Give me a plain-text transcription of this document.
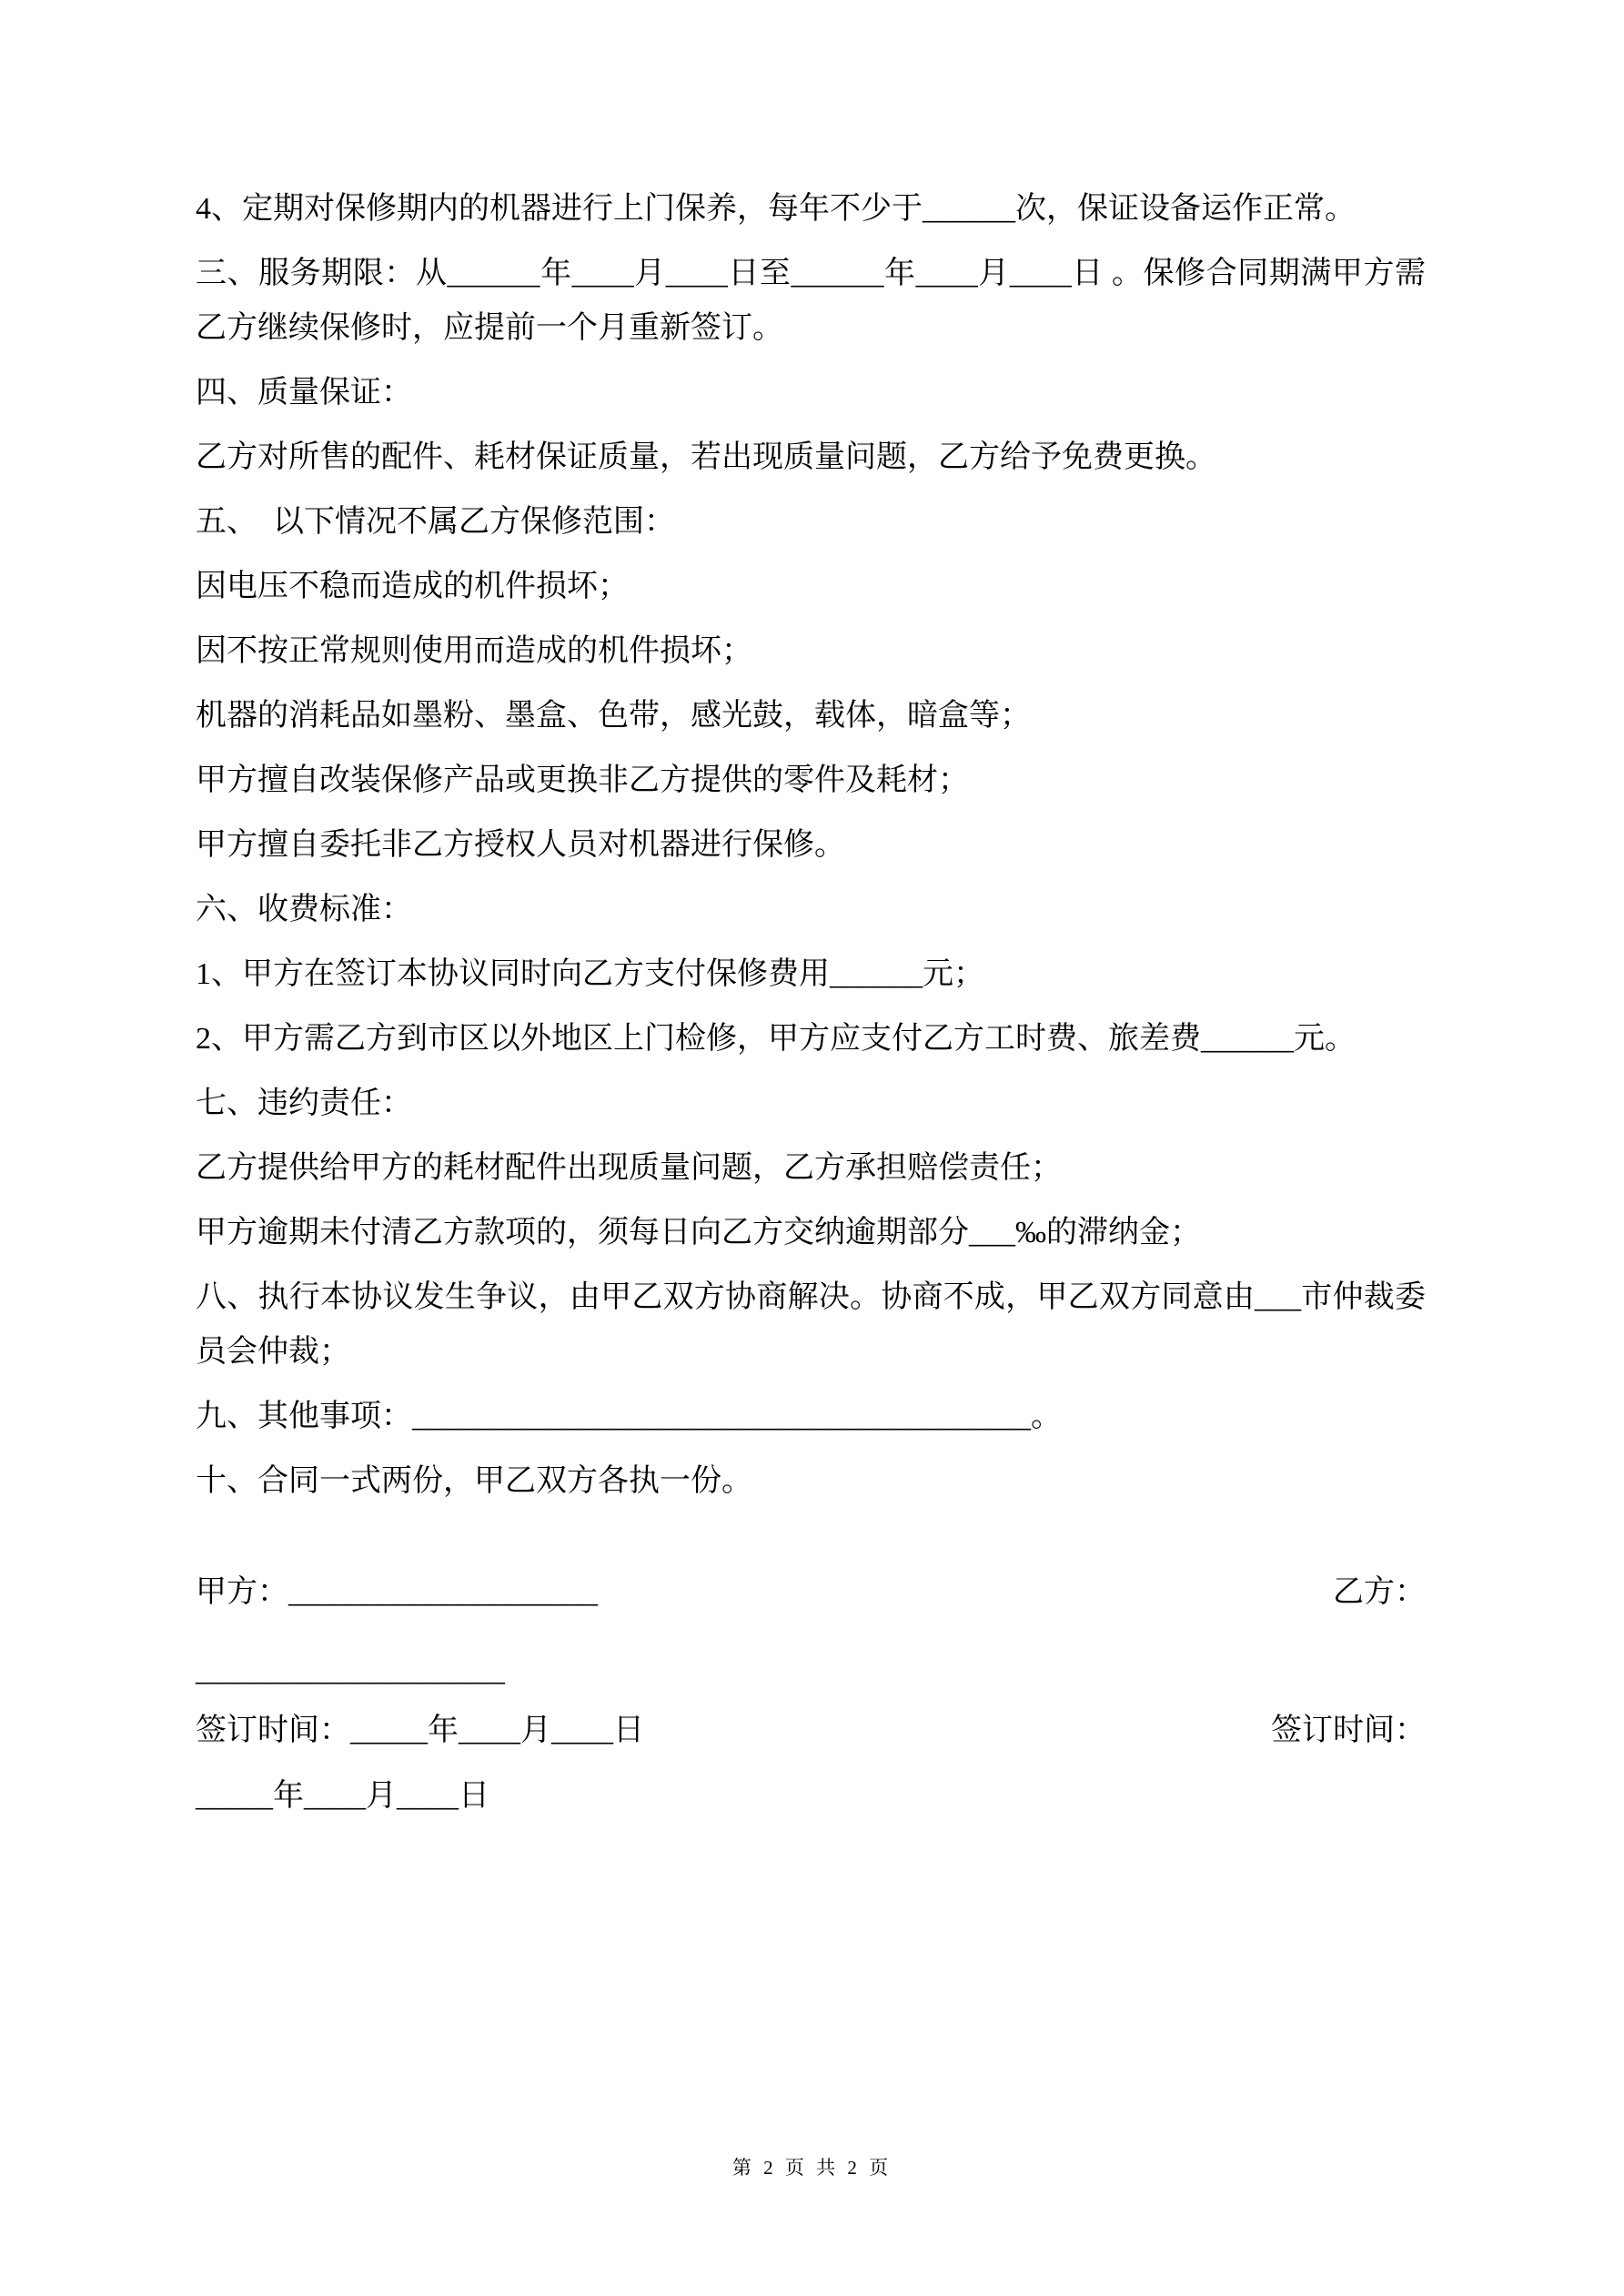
4、定期对保修期内的机器进行上门保养，每年不少于______次，保证设备运作正常。

三、服务期限：从______年____月____日至______年____月____日 。保修合同期满甲方需乙方继续保修时，应提前一个月重新签订。

四、质量保证：

乙方对所售的配件、耗材保证质量，若出现质量问题，乙方给予免费更换。

五、  以下情况不属乙方保修范围：

因电压不稳而造成的机件损坏；

因不按正常规则使用而造成的机件损坏；

机器的消耗品如墨粉、墨盒、色带，感光鼓，载体，暗盒等；

甲方擅自改装保修产品或更换非乙方提供的零件及耗材；

甲方擅自委托非乙方授权人员对机器进行保修。

六、收费标准：

1、甲方在签订本协议同时向乙方支付保修费用______元；

2、甲方需乙方到市区以外地区上门检修，甲方应支付乙方工时费、旅差费______元。

七、违约责任：

乙方提供给甲方的耗材配件出现质量问题，乙方承担赔偿责任；

甲方逾期未付清乙方款项的，须每日向乙方交纳逾期部分___‰的滞纳金；

八、执行本协议发生争议，由甲乙双方协商解决。协商不成，甲乙双方同意由___市仲裁委员会仲裁；

九、其他事项：________________________________________。

十、合同一式两份，甲乙双方各执一份。

甲方：____________________	乙方：
____________________
签订时间：_____年____月____日	签订时间：
_____年____月____日
第 2 页 共 2 页
